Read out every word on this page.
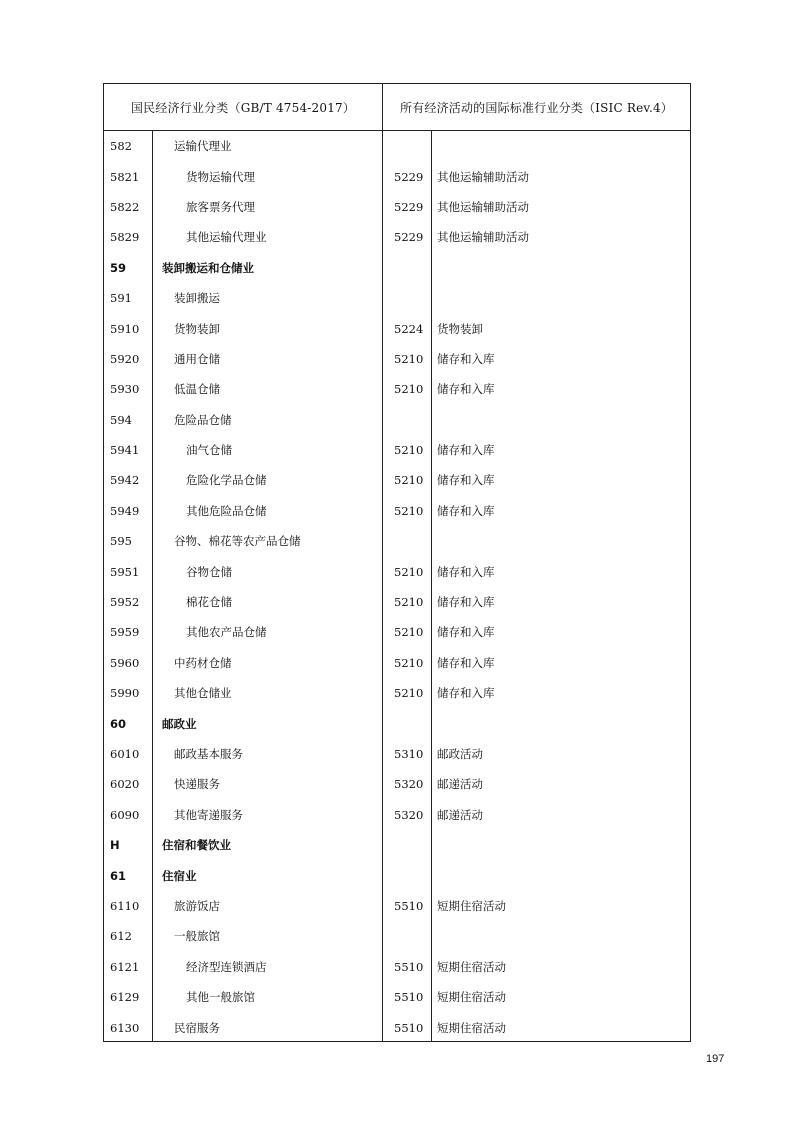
国民经济行业分类（GB/T 4754-2017）	所有经济活动的国际标准行业分类（ISIC Rev.4）
582	运输代理业
5821	货物运输代理	5229 其他运输辅助活动
5822	旅客票务代理	5229 其他运输辅助活动
5829	其他运输代理业	5229 其他运输辅助活动
59	装卸搬运和仓储业
591	装卸搬运
5910	货物装卸	5224 货物装卸
5920	通用仓储	5210 储存和入库
5930	低温仓储	5210 储存和入库
594	危险品仓储
5941	油气仓储	5210 储存和入库
5942	危险化学品仓储	5210 储存和入库
5949	其他危险品仓储	5210 储存和入库
595	谷物、棉花等农产品仓储
5951	谷物仓储	5210 储存和入库
5952	棉花仓储	5210 储存和入库
5959	其他农产品仓储	5210 储存和入库
5960	中药材仓储	5210 储存和入库
5990	其他仓储业	5210 储存和入库
60	邮政业
6010	邮政基本服务	5310 邮政活动
6020	快递服务	5320 邮递活动
6090	其他寄递服务	5320 邮递活动
H	住宿和餐饮业
61	住宿业
6110	旅游饭店	5510 短期住宿活动
612	一般旅馆
6121	经济型连锁酒店	5510 短期住宿活动
6129	其他一般旅馆	5510 短期住宿活动
6130	民宿服务	5510 短期住宿活动
197
